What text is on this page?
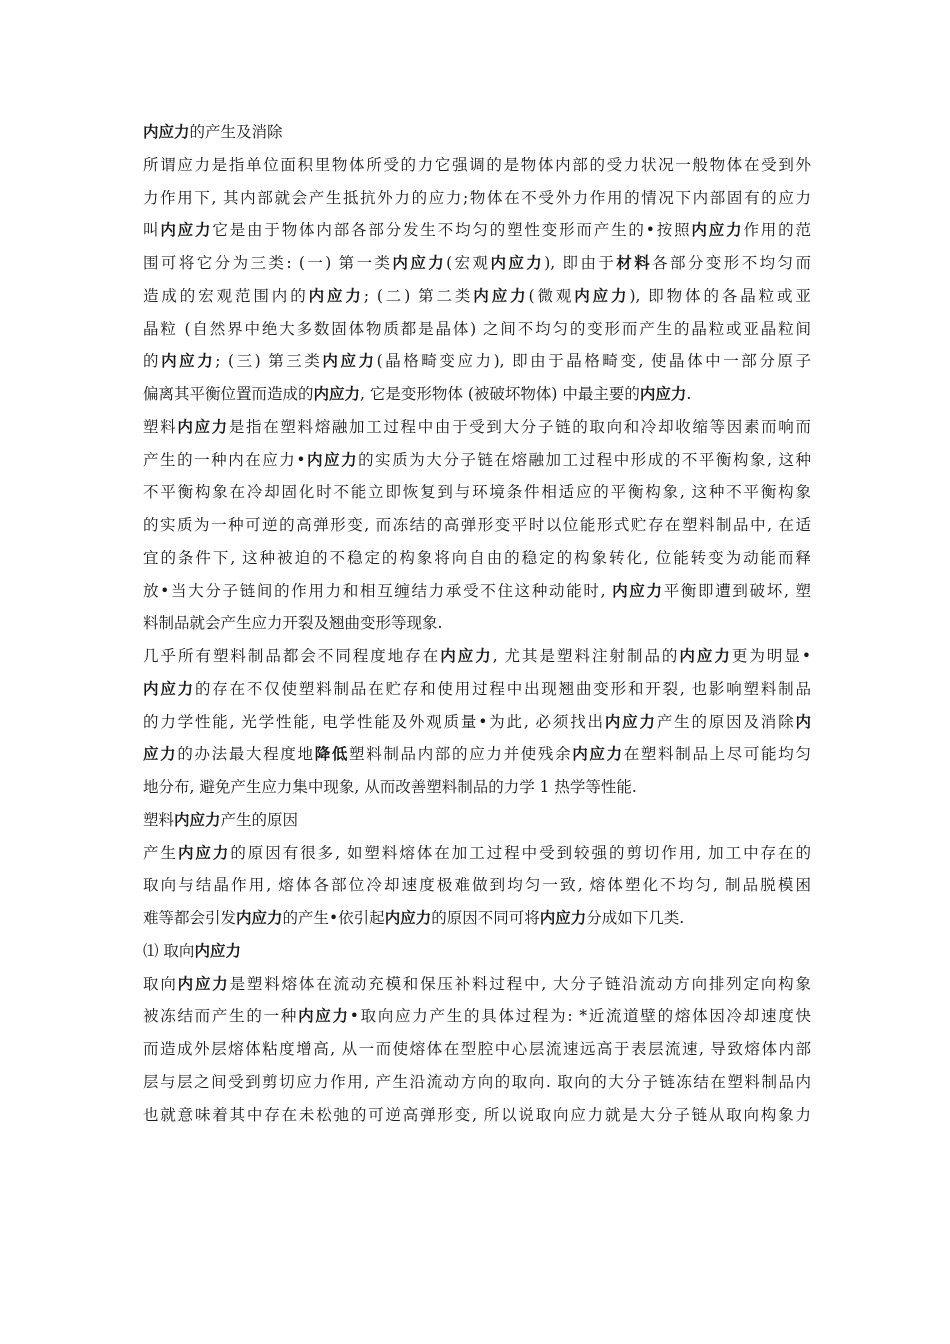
内应力的产生及消除
所谓应力是指单位面积里物体所受的力它强调的是物体内部的受力状况一般物体在受到外
力作用下, 其内部就会产生抵抗外力的应力;物体在不受外力作用的情况下内部固有的应力
叫内应力它是由于物体内部各部分发生不均匀的塑性变形而产生的•按照内应力作用的范
围可将它分为三类: (一) 第一类内应力(宏观内应力), 即由于材料各部分变形不均匀而
造成的宏观范围内的内应力; (二) 第二类内应力(微观内应力), 即物体的各晶粒或亚
晶粒 (自然界中绝大多数固体物质都是晶体) 之间不均匀的变形而产生的晶粒或亚晶粒间
的内应力; (三) 第三类内应力(晶格畸变应力), 即由于晶格畸变, 使晶体中一部分原子
偏离其平衡位置而造成的内应力, 它是变形物体 (被破坏物体) 中最主要的内应力.
塑料内应力是指在塑料熔融加工过程中由于受到大分子链的取向和冷却收缩等因素而响而
产生的一种内在应力•内应力的实质为大分子链在熔融加工过程中形成的不平衡构象, 这种
不平衡构象在冷却固化时不能立即恢复到与环境条件相适应的平衡构象, 这种不平衡构象
的实质为一种可逆的高弹形变, 而冻结的高弹形变平时以位能形式贮存在塑料制品中, 在适
宜的条件下, 这种被迫的不稳定的构象将向自由的稳定的构象转化, 位能转变为动能而释
放•当大分子链间的作用力和相互缠结力承受不住这种动能时, 内应力平衡即遭到破坏, 塑
料制品就会产生应力开裂及翘曲变形等现象.
几乎所有塑料制品都会不同程度地存在内应力, 尤其是塑料注射制品的内应力更为明显•
内应力的存在不仅使塑料制品在贮存和使用过程中出现翘曲变形和开裂, 也影响塑料制品
的力学性能, 光学性能, 电学性能及外观质量•为此, 必须找出内应力产生的原因及消除内
应力的办法最大程度地降低塑料制品内部的应力并使残余内应力在塑料制品上尽可能均匀
地分布, 避免产生应力集中现象, 从而改善塑料制品的力学 1 热学等性能.
塑料内应力产生的原因
产生内应力的原因有很多, 如塑料熔体在加工过程中受到较强的剪切作用, 加工中存在的
取向与结晶作用, 熔体各部位冷却速度极难做到均匀一致, 熔体塑化不均匀, 制品脱模困
难等都会引发内应力的产生•依引起内应力的原因不同可将内应力分成如下几类.
⑴ 取向内应力
取向内应力是塑料熔体在流动充模和保压补料过程中, 大分子链沿流动方向排列定向构象
被冻结而产生的一种内应力•取向应力产生的具体过程为: *近流道壁的熔体因冷却速度快
而造成外层熔体粘度增高, 从一而使熔体在型腔中心层流速远高于表层流速, 导致熔体内部
层与层之间受到剪切应力作用, 产生沿流动方向的取向. 取向的大分子链冻结在塑料制品内
也就意味着其中存在未松弛的可逆高弹形变, 所以说取向应力就是大分子链从取向构象力
